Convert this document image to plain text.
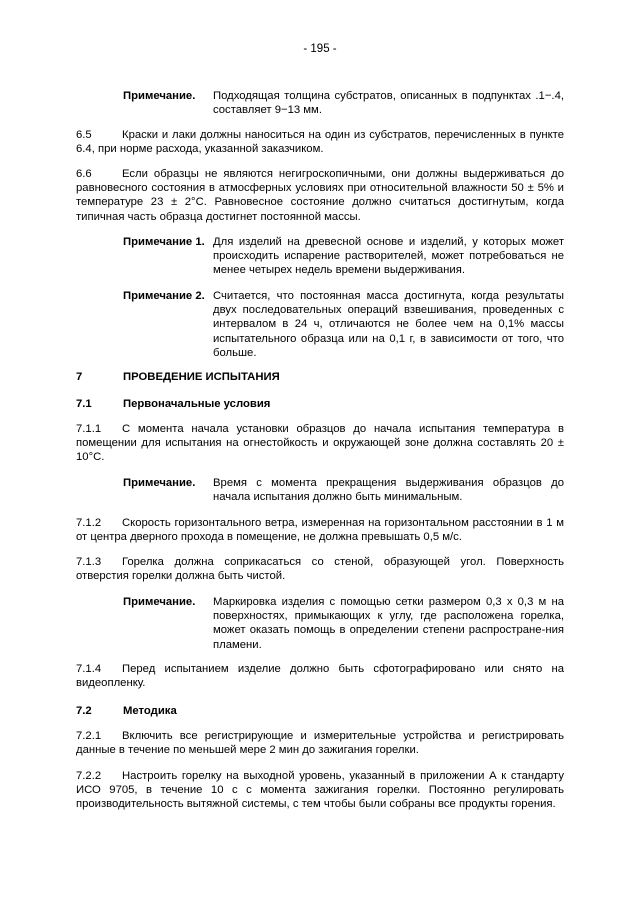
- 195 -
Примечание. Подходящая толщина субстратов, описанных в подпунктах .1−.4, составляет 9−13 мм.

6.5	Краски и лаки должны наноситься на один из субстратов, перечисленных в пункте 6.4, при норме расхода, указанной заказчиком.

6.6	Если образцы не являются негигроскопичными, они должны выдерживаться до равновесного состояния в атмосферных условиях при относительной влажности 50 ± 5% и температуре 23 ± 2°С. Равновесное состояние должно считаться достигнутым, когда типичная часть образца достигнет постоянной массы.

Примечание 1. Для изделий на древесной основе и изделий, у которых может происходить испарение растворителей, может потребоваться не менее четырех недель времени выдерживания.
Примечание 2. Считается, что постоянная масса достигнута, когда результаты двух последовательных операций взвешивания, проведенных с интервалом в 24 ч, отличаются не более чем на 0,1% массы испытательного образца или на 0,1 г, в зависимости от того, что больше.
7	ПРОВЕДЕНИЕ ИСПЫТАНИЯ
7.1	Первоначальные условия

7.1.1 С момента начала установки образцов до начала испытания температура в помещении для испытания на огнестойкость и окружающей зоне должна составлять 20 ± 10°С.

Примечание. Время с момента прекращения выдерживания образцов до начала испытания должно быть минимальным.

7.1.2 Скорость горизонтального ветра, измеренная на горизонтальном расстоянии в 1 м от центра дверного прохода в помещение, не должна превышать 0,5 м/с.

7.1.3 Горелка должна соприкасаться со стеной, образующей угол. Поверхность отверстия горелки должна быть чистой.

Примечание. Маркировка изделия с помощью сетки размером 0,3 x 0,3 м на поверхностях, примыкающих к углу, где расположена горелка, может оказать помощь в определении степени распростране-ния пламени.

7.1.4 Перед испытанием изделие должно быть сфотографировано или снято на видеопленку.

7.2	Методика

7.2.1 Включить все регистрирующие и измерительные устройства и регистрировать данные в течение по меньшей мере 2 мин до зажигания горелки.

7.2.2 Настроить горелку на выходной уровень, указанный в приложении А к стандарту ИСО 9705, в течение 10 с с момента зажигания горелки. Постоянно регулировать производительность вытяжной системы, с тем чтобы были собраны все продукты горения.
